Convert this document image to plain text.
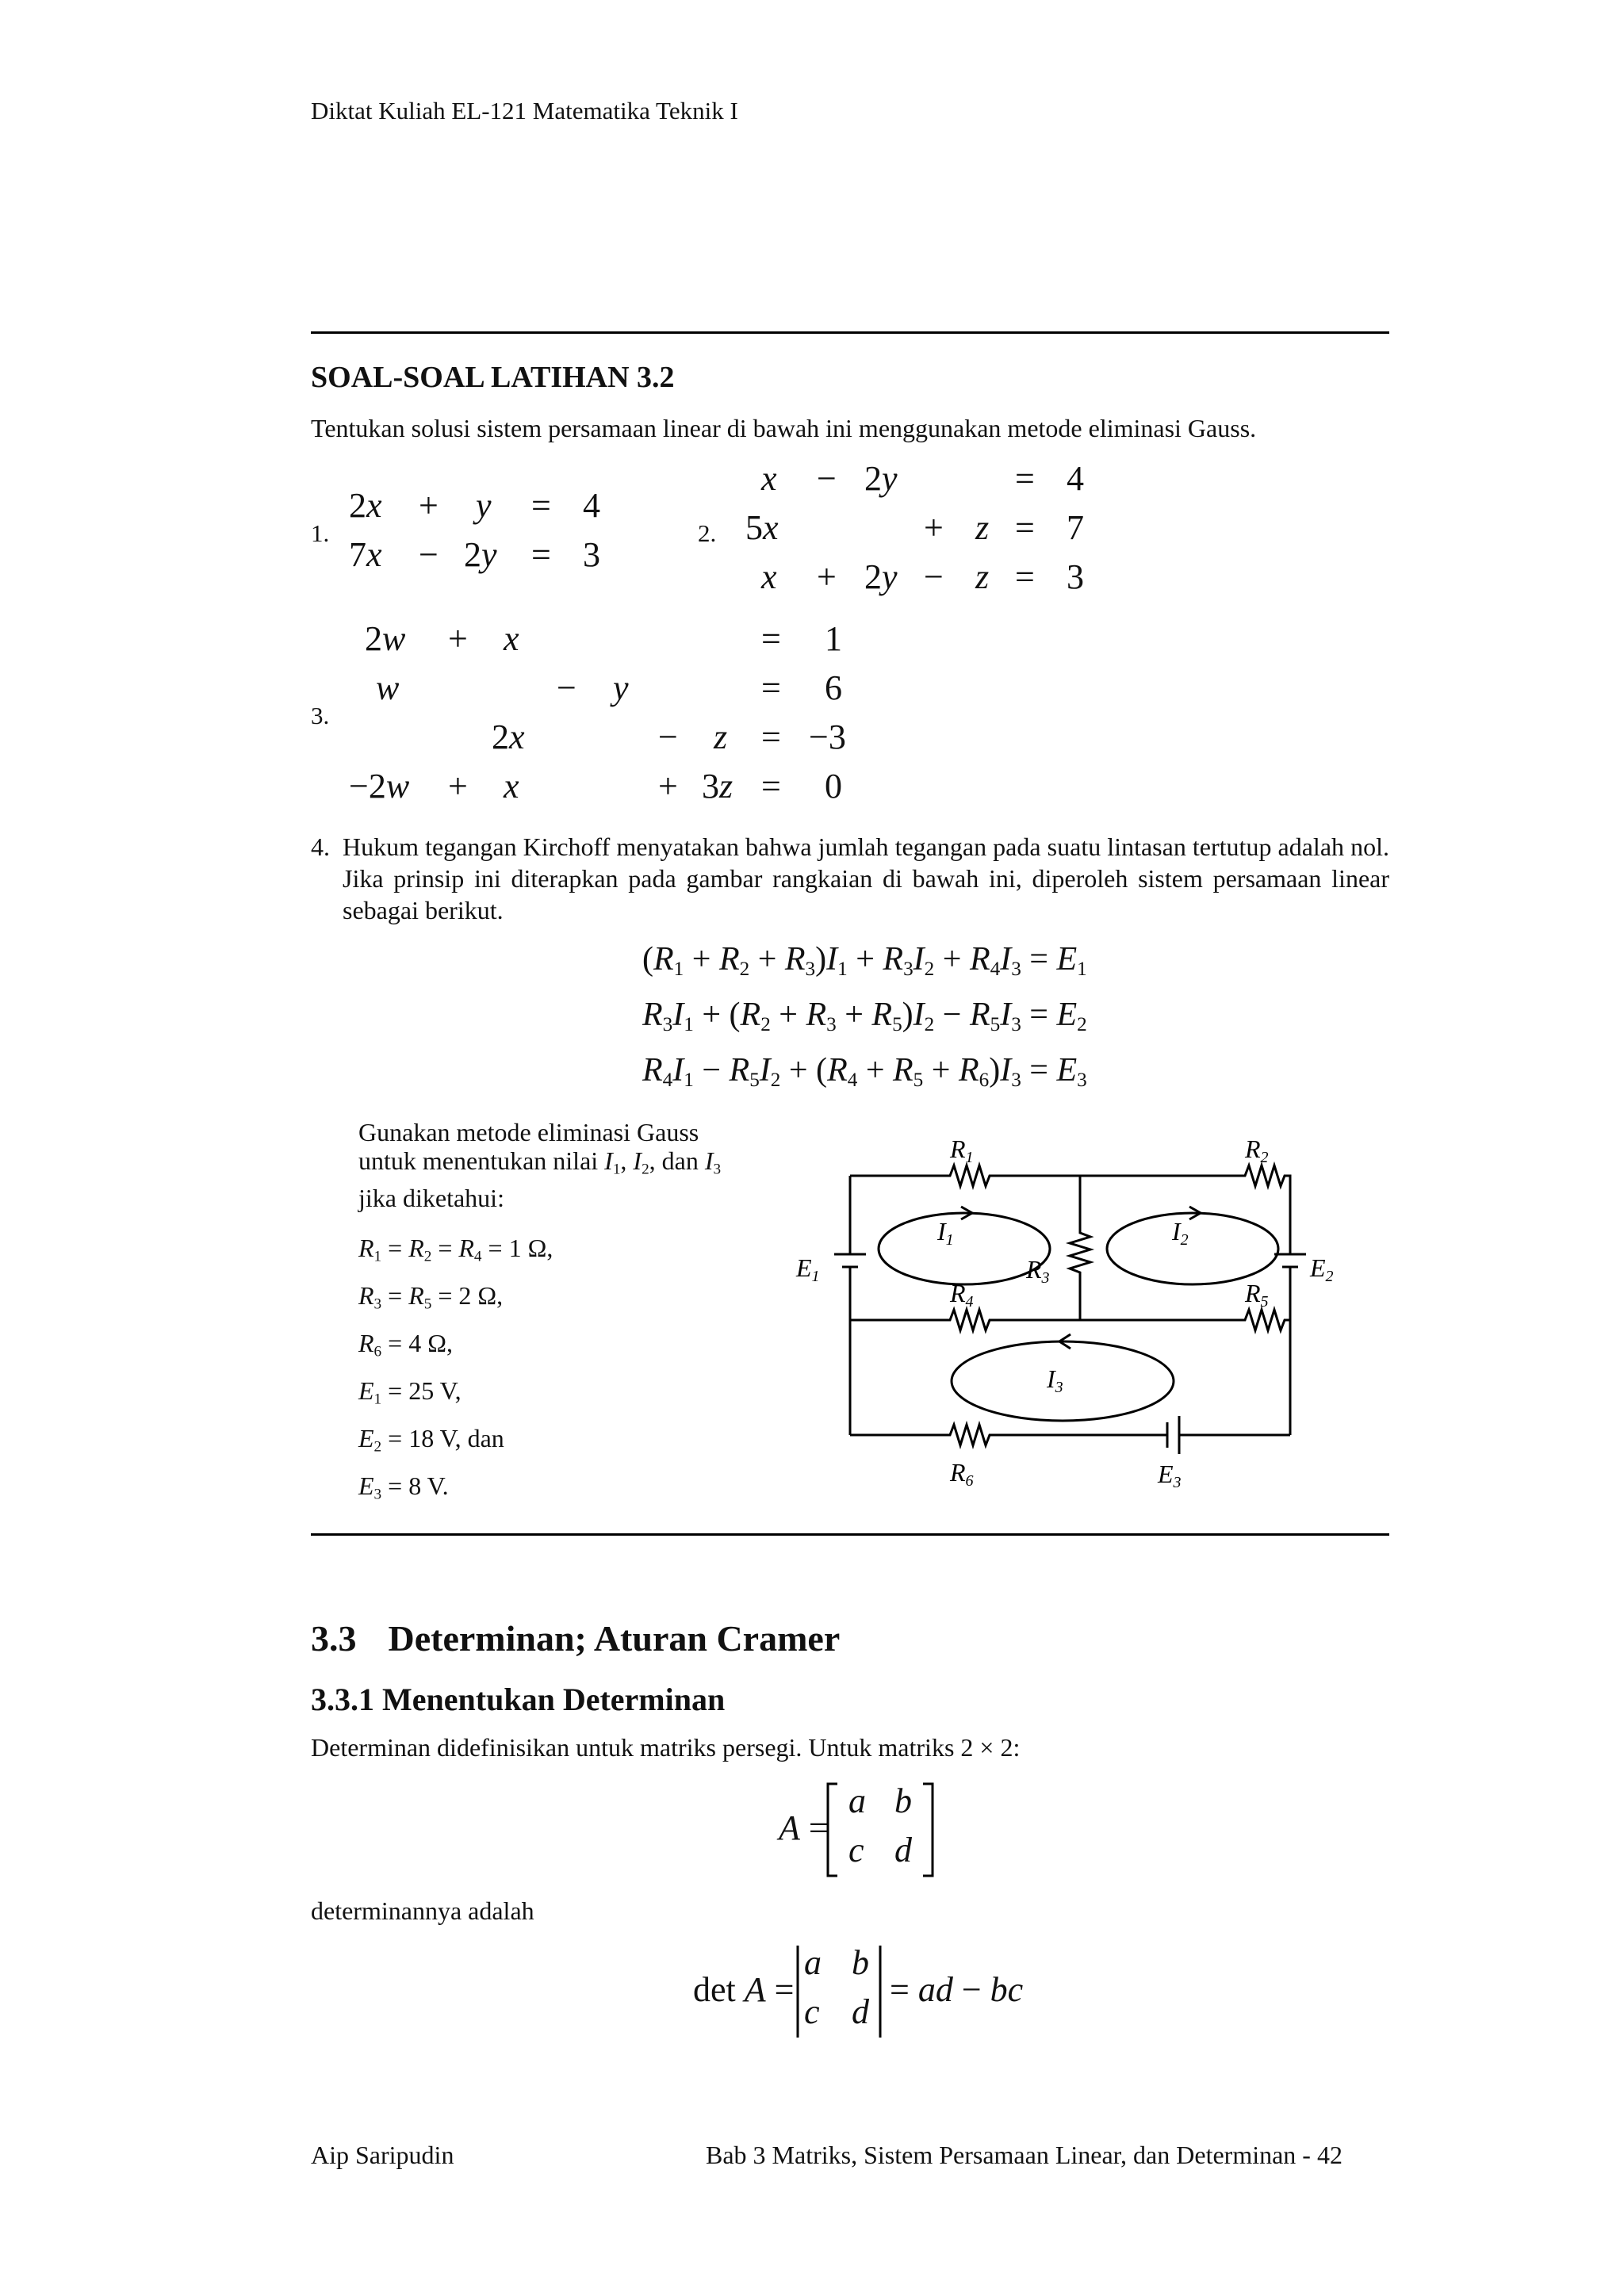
Diktat Kuliah EL-121 Matematika Teknik I
SOAL-SOAL LATIHAN 3.2
Tentukan solusi sistem persamaan linear di bawah ini menggunakan metode eliminasi Gauss.
1.
2x + y = 4
7x − 2y = 3
2.
x − 2y	= 4
5x	+ z = 7
x + 2y − z = 3
3.
2w + x	= 1
w	− y	= 6
2x	− z = −3
−2w + x	+ 3z = 0
4. Hukum tegangan Kirchoff menyatakan bahwa jumlah tegangan pada suatu lintasan tertutup adalah nol. Jika prinsip ini diterapkan pada gambar rangkaian di bawah ini, diperoleh sistem persamaan linear sebagai berikut.
$(R_1 + R_2 + R_3)I_1 + R_3I_2 + R_4I_3 = E_1$
$R_3I_1 + (R_2 + R_3 + R_5)I_2 - R_5I_3 = E_2$
$R_4I_1 - R_5I_2 + (R_4 + R_5 + R_6)I_3 = E_3$
Gunakan metode eliminasi Gauss
untuk menentukan nilai $I_1$, $I_2$, dan $I_3$
jika diketahui:
$R_1 = R_2 = R_4 = 1$ Ω,
$R_3 = R_5 = 2$ Ω,
$R_6 = 4$ Ω,
$E_1 = 25$ V,
$E_2 = 18$ V, dan
$E_3 = 8$ V.
R1	R2
R3
R4	R5
R6
E1	E2
E3
I1	I2
I3
3.3 Determinan; Aturan Cramer
3.3.1 Menentukan Determinan
Determinan didefinisikan untuk matriks persegi. Untuk matriks 2 × 2:
A =
a b
c d
determinannya adalah
det A =
a b
c d
= ad − bc
Aip Saripudin	Bab 3 Matriks, Sistem Persamaan Linear, dan Determinan - 42
